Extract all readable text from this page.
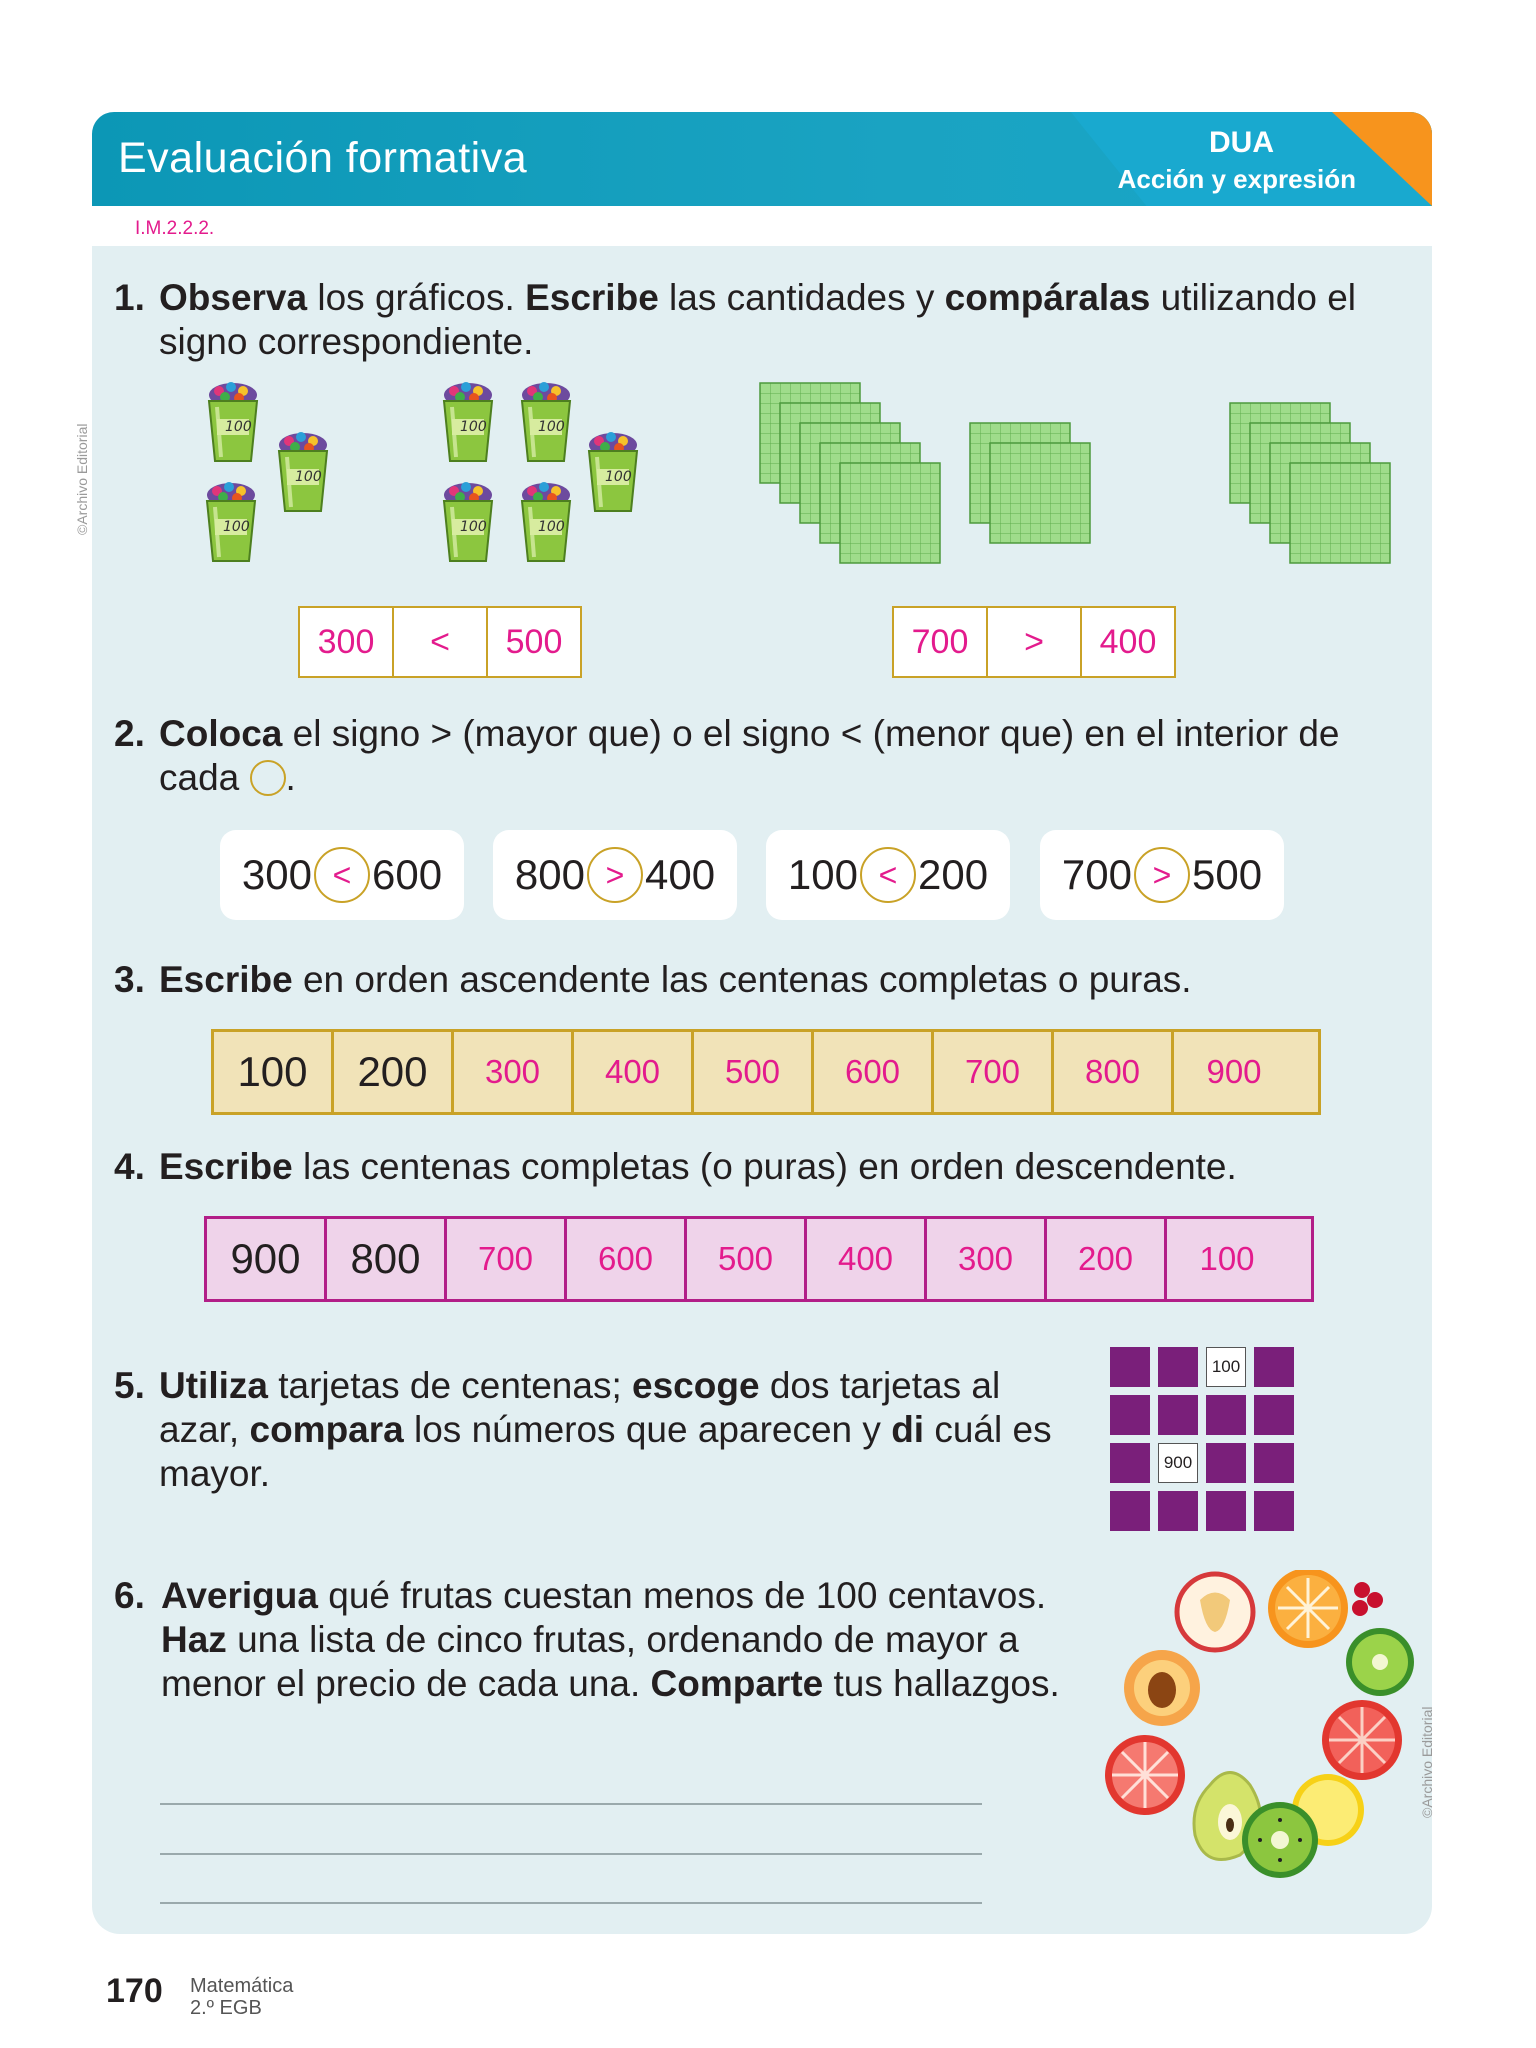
Evaluación formativa	DUA
Acción y expresión
I.M.2.2.2.
©Archivo Editorial
1. Observa los gráficos. Escribe las cantidades y compáralas utilizando el signo correspondiente.
100
100
100
100	100
100
100	100
300	<	500	700	>	400
2. Coloca el signo > (mayor que) o el signo < (menor que) en el interior de cada .
300 < 600 800 > 400 100 < 200 700 > 500
3. Escribe en orden ascendente las centenas completas o puras.
100	200	300	400	500	600	700	800	900
4. Escribe las centenas completas (o puras) en orden descendente.
900	800	700	600	500	400	300	200	100
5. Utiliza tarjetas de centenas; escoge dos tarjetas al azar, compara los números que aparecen y di cuál es mayor.
100
900
6. Averigua qué frutas cuestan menos de 100 centavos. Haz una lista de cinco frutas, ordenando de mayor a menor el precio de cada una. Comparte tus hallazgos.
©Archivo Editorial
170 Matemática
2.º EGB
